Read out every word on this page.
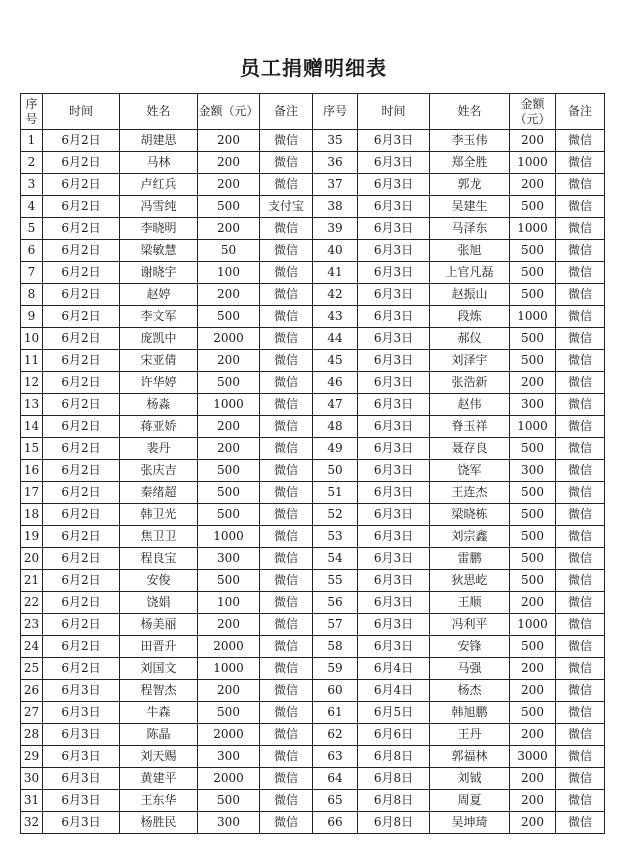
员工捐赠明细表
序号	时间	姓名	金额（元）	备注	序号	时间	姓名	金额（元）	备注
1	6月2日	胡建思	200	微信	35	6月3日	李玉伟	200	微信
2	6月2日	马林	200	微信	36	6月3日	郑全胜	1000	微信
3	6月2日	卢红兵	200	微信	37	6月3日	郭龙	200	微信
4	6月2日	冯雪纯	500	支付宝	38	6月3日	吴建生	500	微信
5	6月2日	李晓明	200	微信	39	6月3日	马泽东	1000	微信
6	6月2日	梁敏慧	50	微信	40	6月3日	张旭	500	微信
7	6月2日	谢晓宇	100	微信	41	6月3日	上官凡磊	500	微信
8	6月2日	赵婷	200	微信	42	6月3日	赵振山	500	微信
9	6月2日	李文军	500	微信	43	6月3日	段炼	1000	微信
10	6月2日	庞凯中	2000	微信	44	6月3日	郝仪	500	微信
11	6月2日	宋亚倩	200	微信	45	6月3日	刘泽宇	500	微信
12	6月2日	许华婷	500	微信	46	6月3日	张浩新	200	微信
13	6月2日	杨淼	1000	微信	47	6月3日	赵伟	300	微信
14	6月2日	蒋亚娇	200	微信	48	6月3日	脊玉祥	1000	微信
15	6月2日	裴丹	200	微信	49	6月3日	聂存良	500	微信
16	6月2日	张庆吉	500	微信	50	6月3日	饶军	300	微信
17	6月2日	秦绪超	500	微信	51	6月3日	王连杰	500	微信
18	6月2日	韩卫光	500	微信	52	6月3日	梁晓栋	500	微信
19	6月2日	焦卫卫	1000	微信	53	6月3日	刘宗鑫	500	微信
20	6月2日	程良宝	300	微信	54	6月3日	雷鹏	500	微信
21	6月2日	安俊	500	微信	55	6月3日	狄思屹	500	微信
22	6月2日	饶娟	100	微信	56	6月3日	王顺	200	微信
23	6月2日	杨美丽	200	微信	57	6月3日	冯利平	1000	微信
24	6月2日	田晋升	2000	微信	58	6月3日	安锋	500	微信
25	6月2日	刘国文	1000	微信	59	6月4日	马强	200	微信
26	6月3日	程智杰	200	微信	60	6月4日	杨杰	200	微信
27	6月3日	牛森	500	微信	61	6月5日	韩旭鹏	500	微信
28	6月3日	陈晶	2000	微信	62	6月6日	王丹	200	微信
29	6月3日	刘天赐	300	微信	63	6月8日	郭福林	3000	微信
30	6月3日	黄建平	2000	微信	64	6月8日	刘钺	200	微信
31	6月3日	王东华	500	微信	65	6月8日	周夏	200	微信
32	6月3日	杨胜民	300	微信	66	6月8日	吴坤琦	200	微信
